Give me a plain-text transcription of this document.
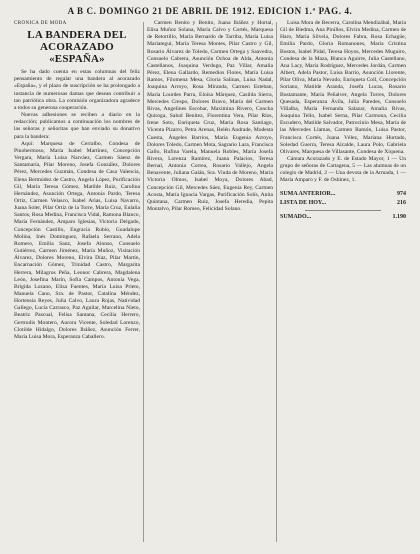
A B C. DOMINGO 21 DE ABRIL DE 1912. EDICION 1.ª PAG. 4.
CRÓNICA DE MODA
LA BANDERA DEL ACORAZADO «ESPAÑA»

Se ha dado cuenta en estas columnas del feliz pensamiento de regalar una bandera al acorazado «España», y el plazo de suscripción se ha prolongado a instancia de numerosas damas que desean contribuir a tan patriótica obra. La comisión organizadora agradece a todos su generosa cooperación.

Nuevas adhesiones se reciben a diario en la redacción; publicamos a continuación los nombres de las señoras y señoritas que han enviado su donativo para la bandera:

Aquí: Marquesa de Cerralbo, Condesa de Pinohermoso, María Isabel Martínez, Concepción Vergara, María Luisa Narváez, Carmen Sáenz de Santamaría, Pilar Moreno, Josefa González, Dolores Pérez, Mercedes Guzmán, Condesa de Casa Valencia, Elena Bermúdez de Castro, Angela López, Purificación Gil, María Teresa Gómez, Matilde Ruiz, Carolina Hernández, Asunción Ortega, Antonia Pardo, Teresa Ortiz, Carmen Velasco, Isabel Arias, Luisa Navarro, Juana Soler, Pilar Ortiz de la Torre, María Cruz, Eulalia Santos, Rosa Medina, Francisca Vidal, Ramona Blanco, María Fernández, Amparo Iglesias, Victoria Delgado, Concepción Castillo, Engracia Rubio, Guadalupe Molina, Inés Domínguez, Rafaela Serrano, Adela Romero, Emilia Sanz, Josefa Alonso, Consuelo Gutiérrez, Carmen Jiménez, María Muñoz, Visitación Álvarez, Dolores Moreno, Elvira Díaz, Pilar Martín, Encarnación Gómez, Trinidad Castro, Margarita Herrera, Milagros Peña, Leonor Cabrera, Magdalena León, Josefina Marín, Sofía Campos, Antonia Vega, Brígida Lozano, Elisa Fuentes, María Luisa Prieto, Manuela Cano, Sra. de Pastor, Catalina Méndez, Hortensia Reyes, Julia Calvo, Laura Rojas, Natividad Gallego, Lucía Carrasco, Paz Aguilar, Marcelina Nieto, Beatriz Pascual, Felisa Santana, Cecilia Herrero, Gertrudis Montero, Aurora Vicente, Soledad Lorenzo, Clotilde Hidalgo, Dolores Ibáñez, Asunción Ferrer, María Luisa Mora, Esperanza Caballero.

Carmen Benito y Benito, Juana Ibáñez y Hortal, Elisa Muñoz Solana, María Calvo y Cortés, Marquesa de Retortillo, María Bernardo de Tarriba, María Luisa Mariategui, María Teresa Montes, Pilar Castro y Gil, Rosario Álvarez de Toledo, Carmen Ortega y Saavedra, Consuelo Cabrera, Asunción Ochoa de Alda, Antonia Castellanos, Joaquina Verdugo, Paz Villar, Amalia Pérez, Elena Gallardo, Remedios Flores, María Luisa Ramos, Filomena Mesa, Gloria Salinas, Luisa Nadal, Joaquina Arroyo, Rosa Miranda, Carmen Esteban, María Lourdes Parra, Eloísa Márquez, Casilda Sierra, Mercedes Crespo, Dolores Bravo, María del Carmen Rivas, Angelines Escobar, Maximina Rivero, Concha Quiroga, Salud Benítez, Florentina Vera, Pilar Ríos, Irene Soto, Enriqueta Cruz, María Rosa Santiago, Vicenta Pizarro, Petra Arenas, Belén Andrade, Modesta Cuesta, Ángeles Barrios, María Eugenia Arroyo, Dolores Toledo, Carmen Mota, Sagrario Lara, Francisca Gallo, Rufina Varela, Manuela Robles, María Josefa Rivera, Lorenza Ramírez, Juana Palacios, Teresa Bernal, Antonia Correa, Rosario Vallejo, Angela Benavente, Juliana Galán, Sra. Viuda de Moreno, María Victoria Olmos, Isabel Moya, Dolores Abad, Concepción Gil, Mercedes Sáez, Eugenia Rey, Carmen Acosta, María Ignacia Vargas, Purificación Solís, Anita Quintana, Carmen Ruiz, Josefa Heredia, Pepita Montalvo, Pilar Romeo, Felicidad Solano.

Luisa Mora de Becerra, Carolina Mendizábal, María Gil de Biedma, Ana Pinillos, Elvira Medina, Carmen de Haro, María Silvela, Dolores Fabra, Rosa Echagüe, Emilia Pardo, Gloria Romanones, María Cristina Bustos, Isabel Pidal, Teresa Hoyos, Mercedes Muguiro, Condesa de la Maza, Blanca Aguirre, Julia Castellano, Ana Lacy, María Rodríguez, Mercedes Jordán, Carmen Albert, Adela Pastor, Luisa Barrio, Asunción Llorente, Pilar Oliva, María Nevado, Enriqueta Coll, Concepción Soriano, Matilde Aranda, Josefa Lucas, Rosario Bustamante, María Peñalver, Angela Torres, Dolores Quesada, Esperanza Ávila, Julia Paredes, Consuelo Villalba, María Fernanda Salazar, Amalia Rivas, Joaquina Tello, Isabel Serna, Pilar Carmona, Cecilia Escudero, Matilde Salvador, Patrocinio Mesa, María de las Mercedes Llamas, Carmen Ramón, Luisa Pastor, Francisca Cortés, Juana Vélez, Mariana Hurtado, Soledad Guerra, Teresa Alcalde, Laura Polo, Gabriela Olivares, Marquesa de Villasante, Condesa de Xiquena.

Cámara Acorazado y E. de Estado Mayor, 1 — Un grupo de señoras de Cartagena, 5 — Las alumnas de un colegio de Madrid, 2 — Una devota de la Armada, 1 — María Amparo y F. de Osbinez, 1.

SUMA ANTERIOR...	974
LISTA DE HOY...	216
SUMADO...	1.190
